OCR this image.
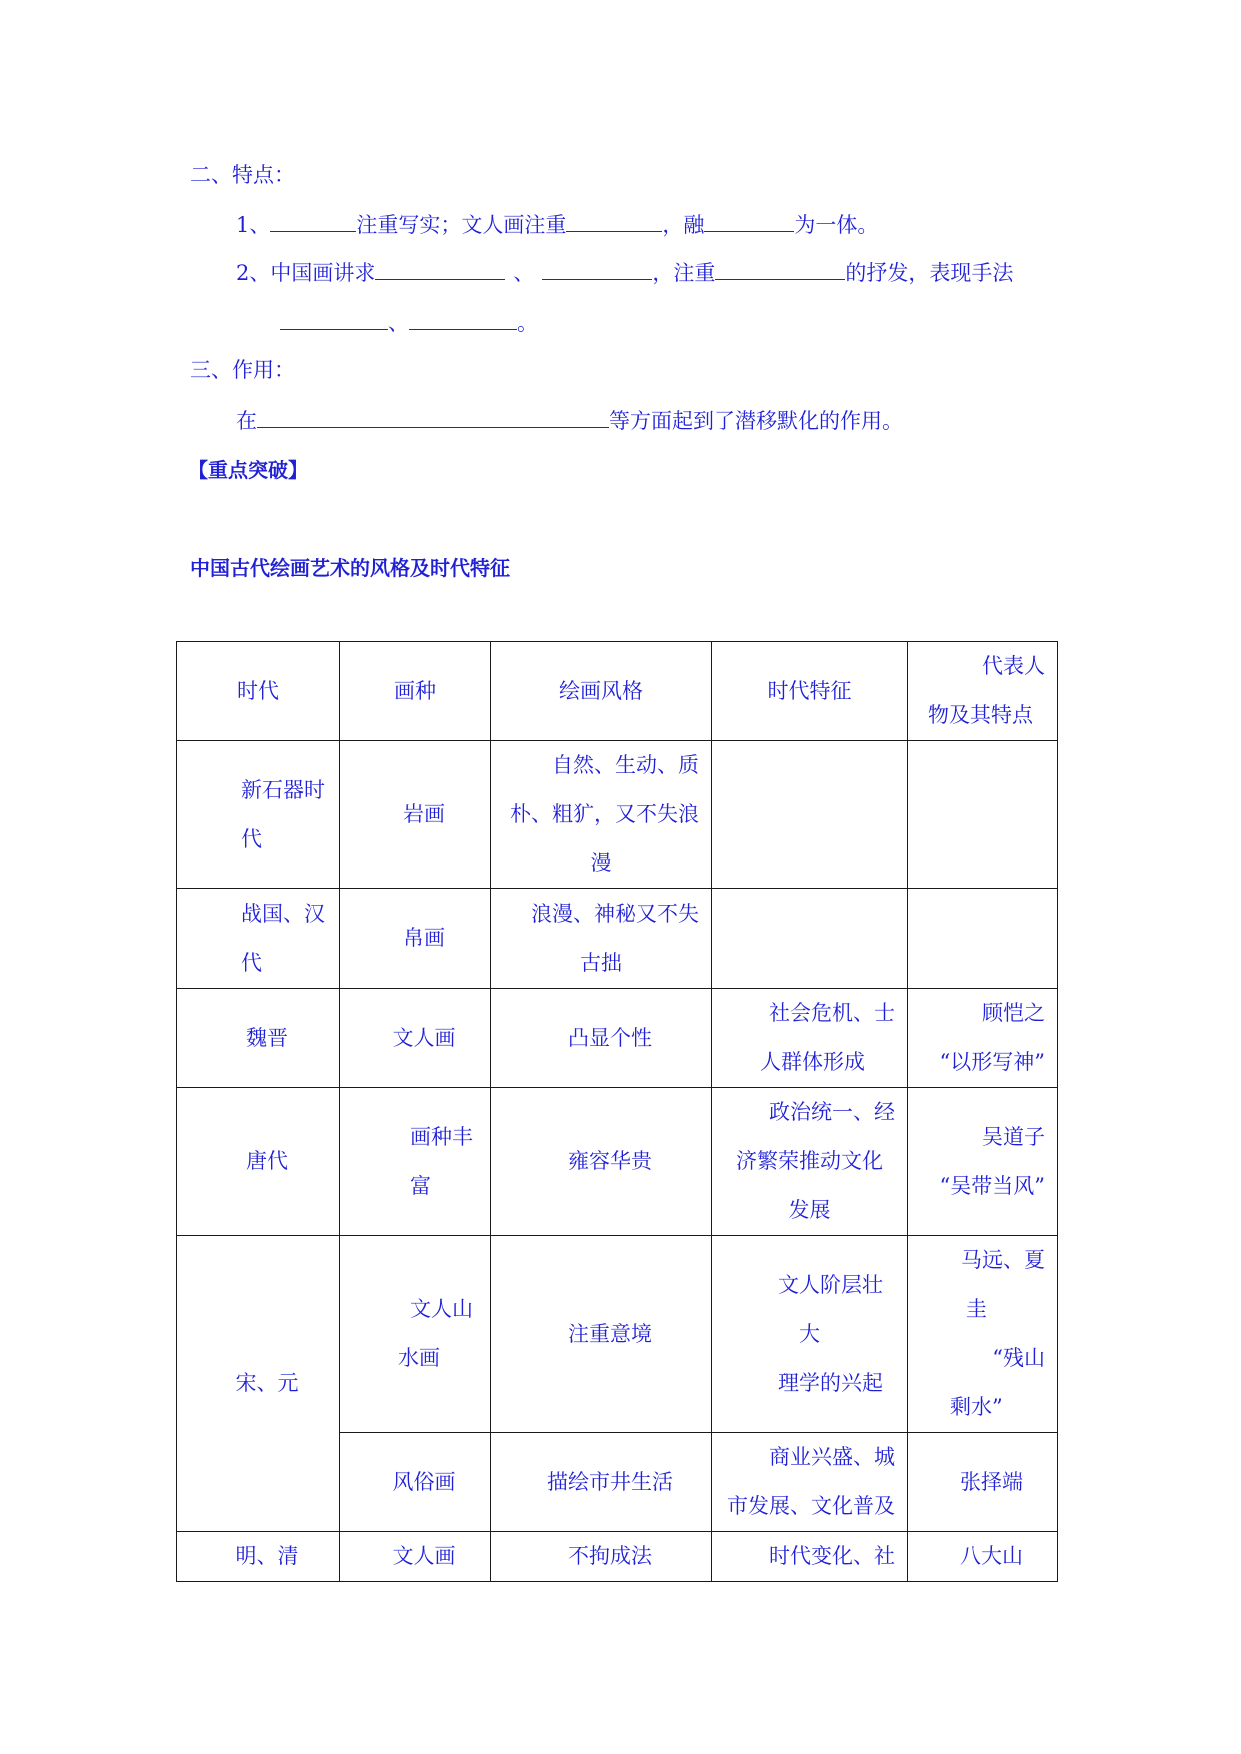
二、特点：
1、	注重写实；文人画注重	，融	为一体。
2、中国画讲求	、	，注重	的抒发，表现手法
、	。
三、作用：
在	等方面起到了潜移默化的作用。
【重点突破】
中国古代绘画艺术的风格及时代特征
时代	画种	绘画风格	时代特征	代表人
物及其特点

新石器时
代	岩画	自然、生动、质
朴、粗犷，又不失浪
漫		

战国、汉
代	帛画	浪漫、神秘又不失
古拙		

魏晋	文人画	凸显个性	社会危机、士
人群体形成	顾恺之
“以形写神”

唐代	画种丰
富	雍容华贵	政治统一、经
济繁荣推动文化
发展	吴道子
“吴带当风”

宋、元	文人山
水画	注重意境	文人阶层壮
大
理学的兴起	马远、夏
圭
“残山
剩水”

	风俗画	描绘市井生活	商业兴盛、城
市发展、文化普及	张择端
明、清	文人画	不拘成法	时代变化、社	八大山
